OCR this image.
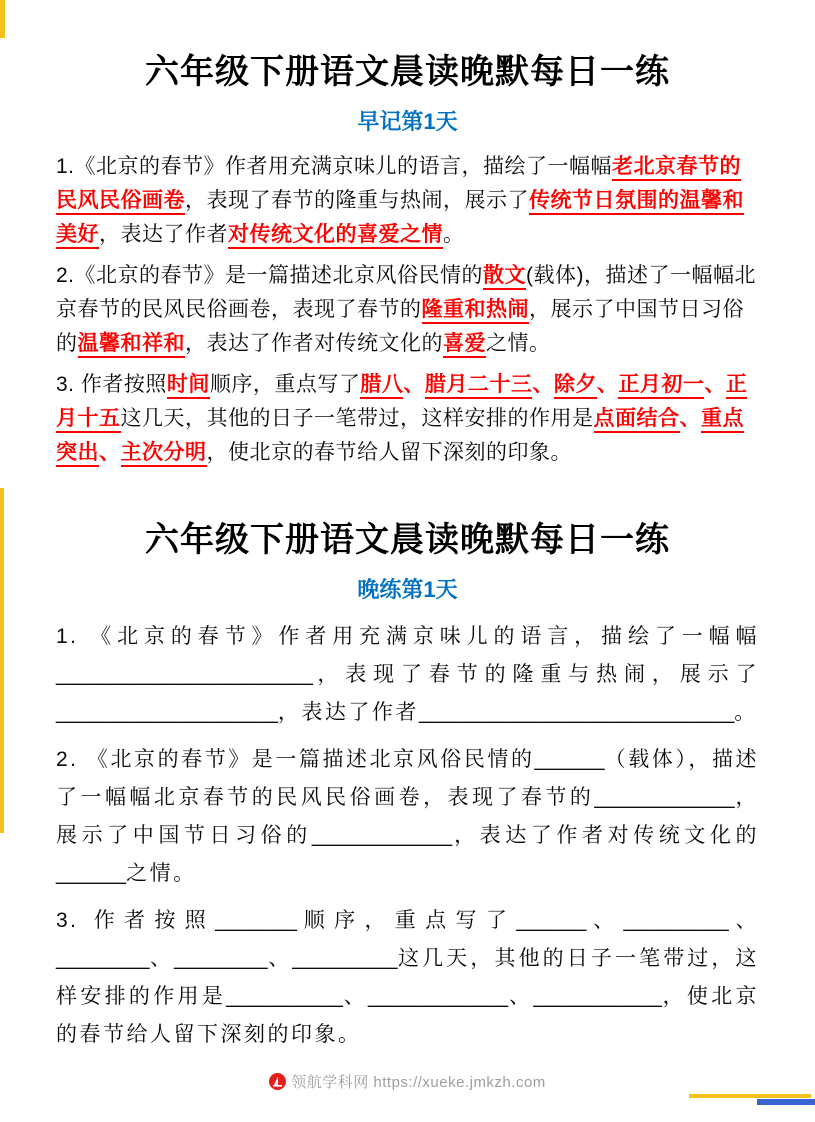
六年级下册语文晨读晚默每日一练
早记第1天

1.《北京的春节》作者用充满京味儿的语言，描绘了一幅幅老北京春节的民风民俗画卷，表现了春节的隆重与热闹，展示了传统节日氛围的温馨和美好，表达了作者对传统文化的喜爱之情。

2.《北京的春节》是一篇描述北京风俗民情的散文(载体)，描述了一幅幅北京春节的民风民俗画卷，表现了春节的隆重和热闹，展示了中国节日习俗的温馨和祥和，表达了作者对传统文化的喜爱之情。

3. 作者按照时间顺序，重点写了腊八、腊月二十三、除夕、正月初一、正月十五这几天，其他的日子一笔带过，这样安排的作用是点面结合、重点突出、主次分明，使北京的春节给人留下深刻的印象。

六年级下册语文晨读晚默每日一练
晚练第1天

1. 《北京的春节》作者用充满京味儿的语言，描绘了一幅幅______________________，表现了春节的隆重与热闹，展示了___________________，表达了作者___________________________。

2. 《北京的春节》是一篇描述北京风俗民情的______（载体），描述了一幅幅北京春节的民风民俗画卷，表现了春节的____________，展示了中国节日习俗的____________，表达了作者对传统文化的______之情。

3. 作者按照_______顺序，重点写了______、_________、________、________、_________这几天，其他的日子一笔带过，这样安排的作用是__________、____________、___________，使北京的春节给人留下深刻的印象。

领航学科网 https://xueke.jmkzh.com
